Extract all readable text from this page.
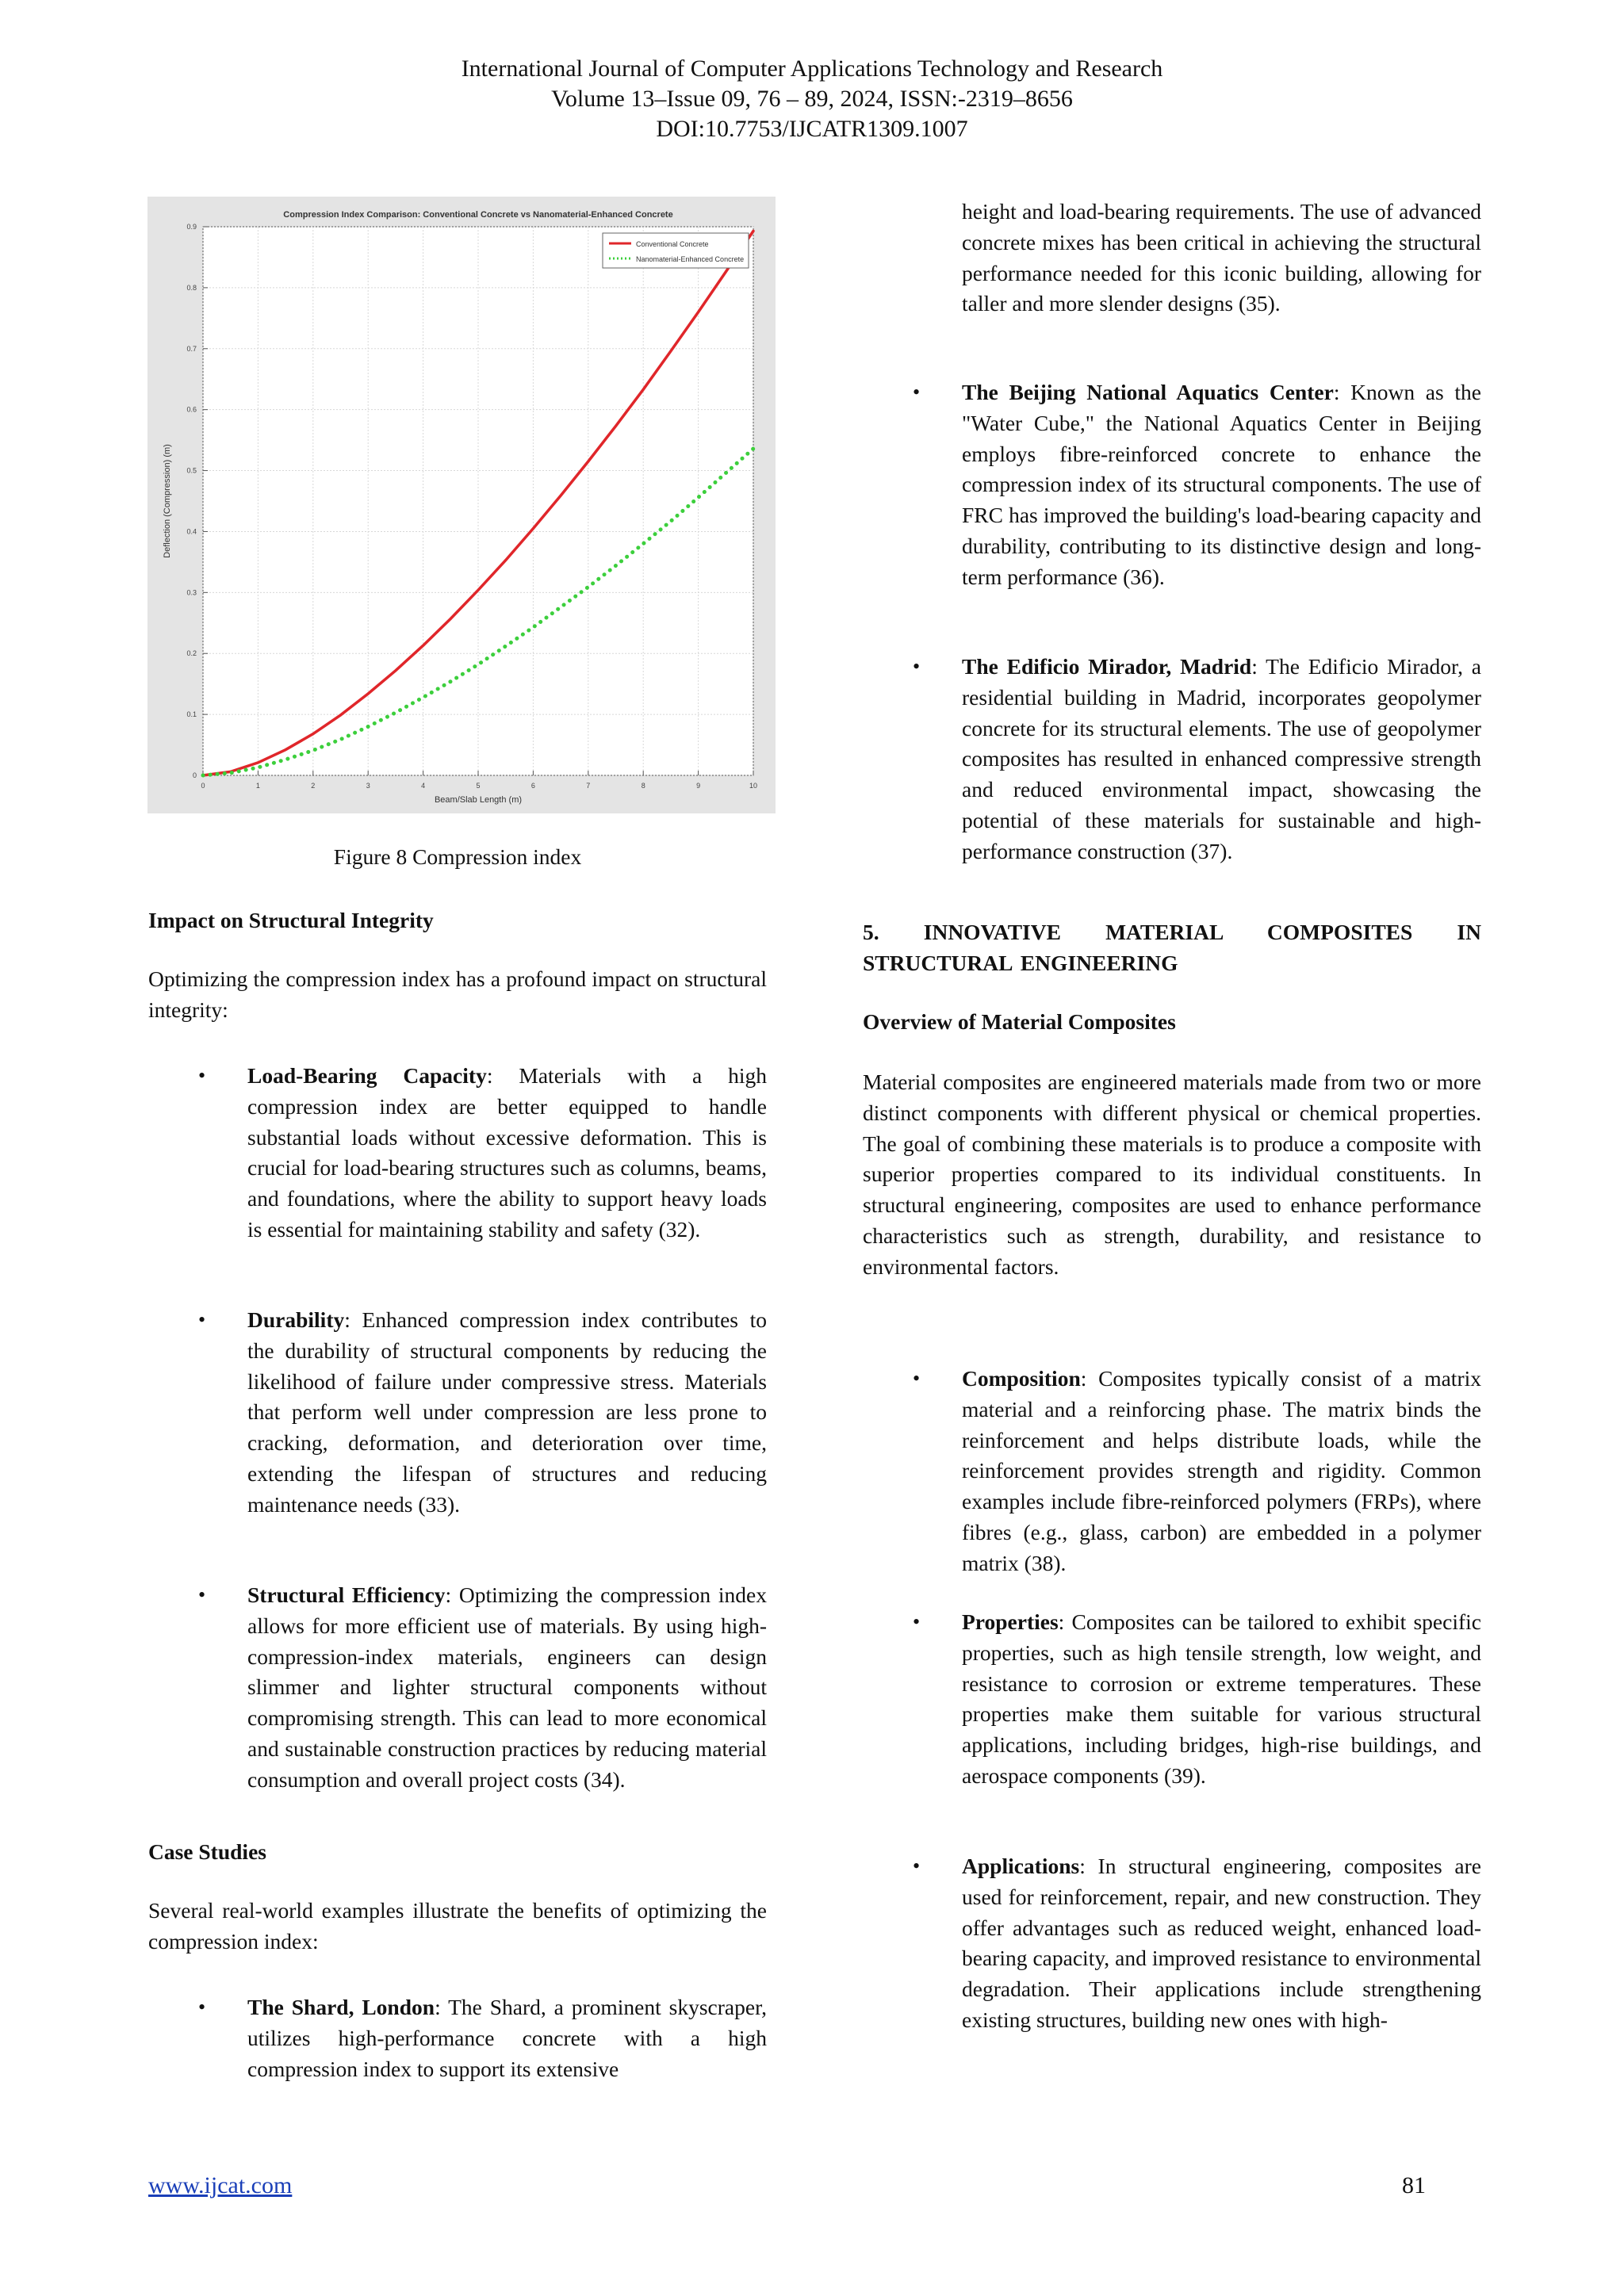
International Journal of Computer Applications Technology and Research
Volume 13–Issue 09, 76 – 89, 2024, ISSN:-2319–8656
DOI:10.7753/IJCATR1309.1007
Compression Index Comparison: Conventional Concrete vs Nanomaterial-Enhanced Concrete
Beam/Slab Length (m)
Deflection (Compression) (m)
0	1	2	3	4	5	6	7	8	9	10
0
0.1
0.2
0.3
0.4
0.5
0.6
0.7
0.8
0.9
Conventional Concrete
Nanomaterial-Enhanced Concrete
Figure 8 Compression index
Impact on Structural Integrity
Optimizing the compression index has a profound impact on structural integrity:
• Load-Bearing Capacity: Materials with a high compression index are better equipped to handle substantial loads without excessive deformation. This is crucial for load-bearing structures such as columns, beams, and foundations, where the ability to support heavy loads is essential for maintaining stability and safety (32).
• Durability: Enhanced compression index contributes to the durability of structural components by reducing the likelihood of failure under compressive stress. Materials that perform well under compression are less prone to cracking, deformation, and deterioration over time, extending the lifespan of structures and reducing maintenance needs (33).
• Structural Efficiency: Optimizing the compression index allows for more efficient use of materials. By using high-compression-index materials, engineers can design slimmer and lighter structural components without compromising strength. This can lead to more economical and sustainable construction practices by reducing material consumption and overall project costs (34).
Case Studies
Several real-world examples illustrate the benefits of optimizing the compression index:
• The Shard, London: The Shard, a prominent skyscraper, utilizes high-performance concrete with a high compression index to support its extensive
height and load-bearing requirements. The use of advanced concrete mixes has been critical in achieving the structural performance needed for this iconic building, allowing for taller and more slender designs (35).
• The Beijing National Aquatics Center: Known as the "Water Cube," the National Aquatics Center in Beijing employs fibre-reinforced concrete to enhance the compression index of its structural components. The use of FRC has improved the building's load-bearing capacity and durability, contributing to its distinctive design and long-term performance (36).
• The Edificio Mirador, Madrid: The Edificio Mirador, a residential building in Madrid, incorporates geopolymer concrete for its structural elements. The use of geopolymer composites has resulted in enhanced compressive strength and reduced environmental impact, showcasing the potential of these materials for sustainable and high-performance construction (37).
5. INNOVATIVE MATERIAL COMPOSITES IN STRUCTURAL ENGINEERING
Overview of Material Composites
Material composites are engineered materials made from two or more distinct components with different physical or chemical properties. The goal of combining these materials is to produce a composite with superior properties compared to its individual constituents. In structural engineering, composites are used to enhance performance characteristics such as strength, durability, and resistance to environmental factors.
• Composition: Composites typically consist of a matrix material and a reinforcing phase. The matrix binds the reinforcement and helps distribute loads, while the reinforcement provides strength and rigidity. Common examples include fibre-reinforced polymers (FRPs), where fibres (e.g., glass, carbon) are embedded in a polymer matrix (38).
• Properties: Composites can be tailored to exhibit specific properties, such as high tensile strength, low weight, and resistance to corrosion or extreme temperatures. These properties make them suitable for various structural applications, including bridges, high-rise buildings, and aerospace components (39).
• Applications: In structural engineering, composites are used for reinforcement, repair, and new construction. They offer advantages such as reduced weight, enhanced load-bearing capacity, and improved resistance to environmental degradation. Their applications include strengthening existing structures, building new ones with high-
www.ijcat.com	81
